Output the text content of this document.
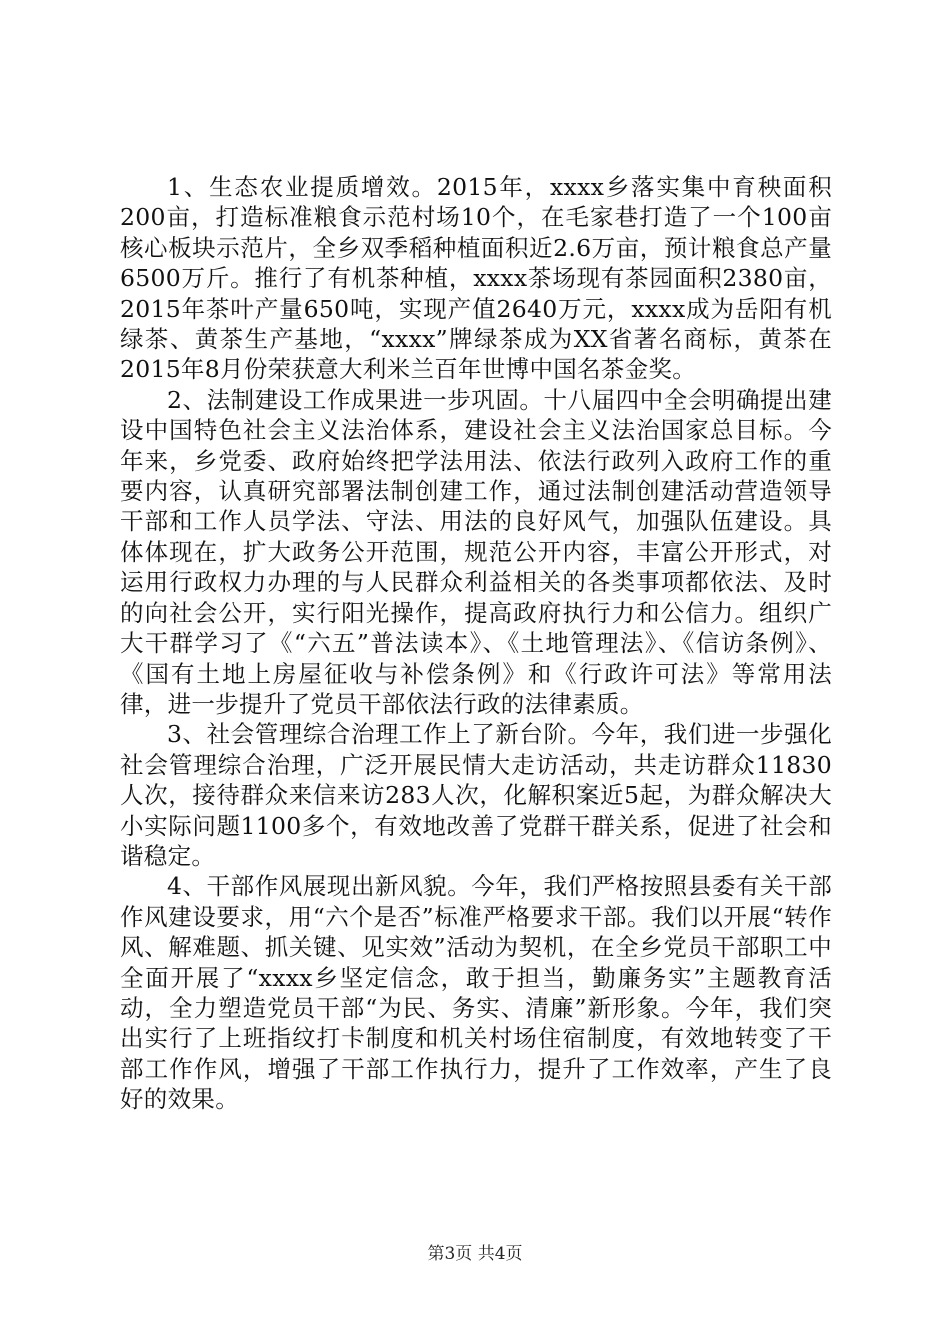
1、生态农业提质增效。2015年，xxxx乡落实集中育秧面积200亩，打造标准粮食示范村场10个，在毛家巷打造了一个100亩核心板块示范片，全乡双季稻种植面积近2.6万亩，预计粮食总产量6500万斤。推行了有机茶种植，xxxx茶场现有茶园面积2380亩，2015年茶叶产量650吨，实现产值2640万元，xxxx成为岳阳有机绿茶、黄茶生产基地，“xxxx”牌绿茶成为XX省著名商标，黄茶在2015年8月份荣获意大利米兰百年世博中国名茶金奖。

2、法制建设工作成果进一步巩固。十八届四中全会明确提出建设中国特色社会主义法治体系，建设社会主义法治国家总目标。今年来，乡党委、政府始终把学法用法、依法行政列入政府工作的重要内容，认真研究部署法制创建工作，通过法制创建活动营造领导干部和工作人员学法、守法、用法的良好风气，加强队伍建设。具体体现在，扩大政务公开范围，规范公开内容，丰富公开形式，对运用行政权力办理的与人民群众利益相关的各类事项都依法、及时的向社会公开，实行阳光操作，提高政府执行力和公信力。组织广大干群学习了《“六五”普法读本》、《土地管理法》、《信访条例》、《国有土地上房屋征收与补偿条例》和《行政许可法》等常用法律，进一步提升了党员干部依法行政的法律素质。

3、社会管理综合治理工作上了新台阶。今年，我们进一步强化社会管理综合治理，广泛开展民情大走访活动，共走访群众11830人次，接待群众来信来访283人次，化解积案近5起，为群众解决大小实际问题1100多个，有效地改善了党群干群关系，促进了社会和谐稳定。

4、干部作风展现出新风貌。今年，我们严格按照县委有关干部作风建设要求，用“六个是否”标准严格要求干部。我们以开展“转作风、解难题、抓关键、见实效”活动为契机，在全乡党员干部职工中全面开展了“xxxx乡坚定信念，敢于担当，勤廉务实”主题教育活动，全力塑造党员干部“为民、务实、清廉”新形象。今年，我们突出实行了上班指纹打卡制度和机关村场住宿制度，有效地转变了干部工作作风，增强了干部工作执行力，提升了工作效率，产生了良好的效果。

第3页 共4页
